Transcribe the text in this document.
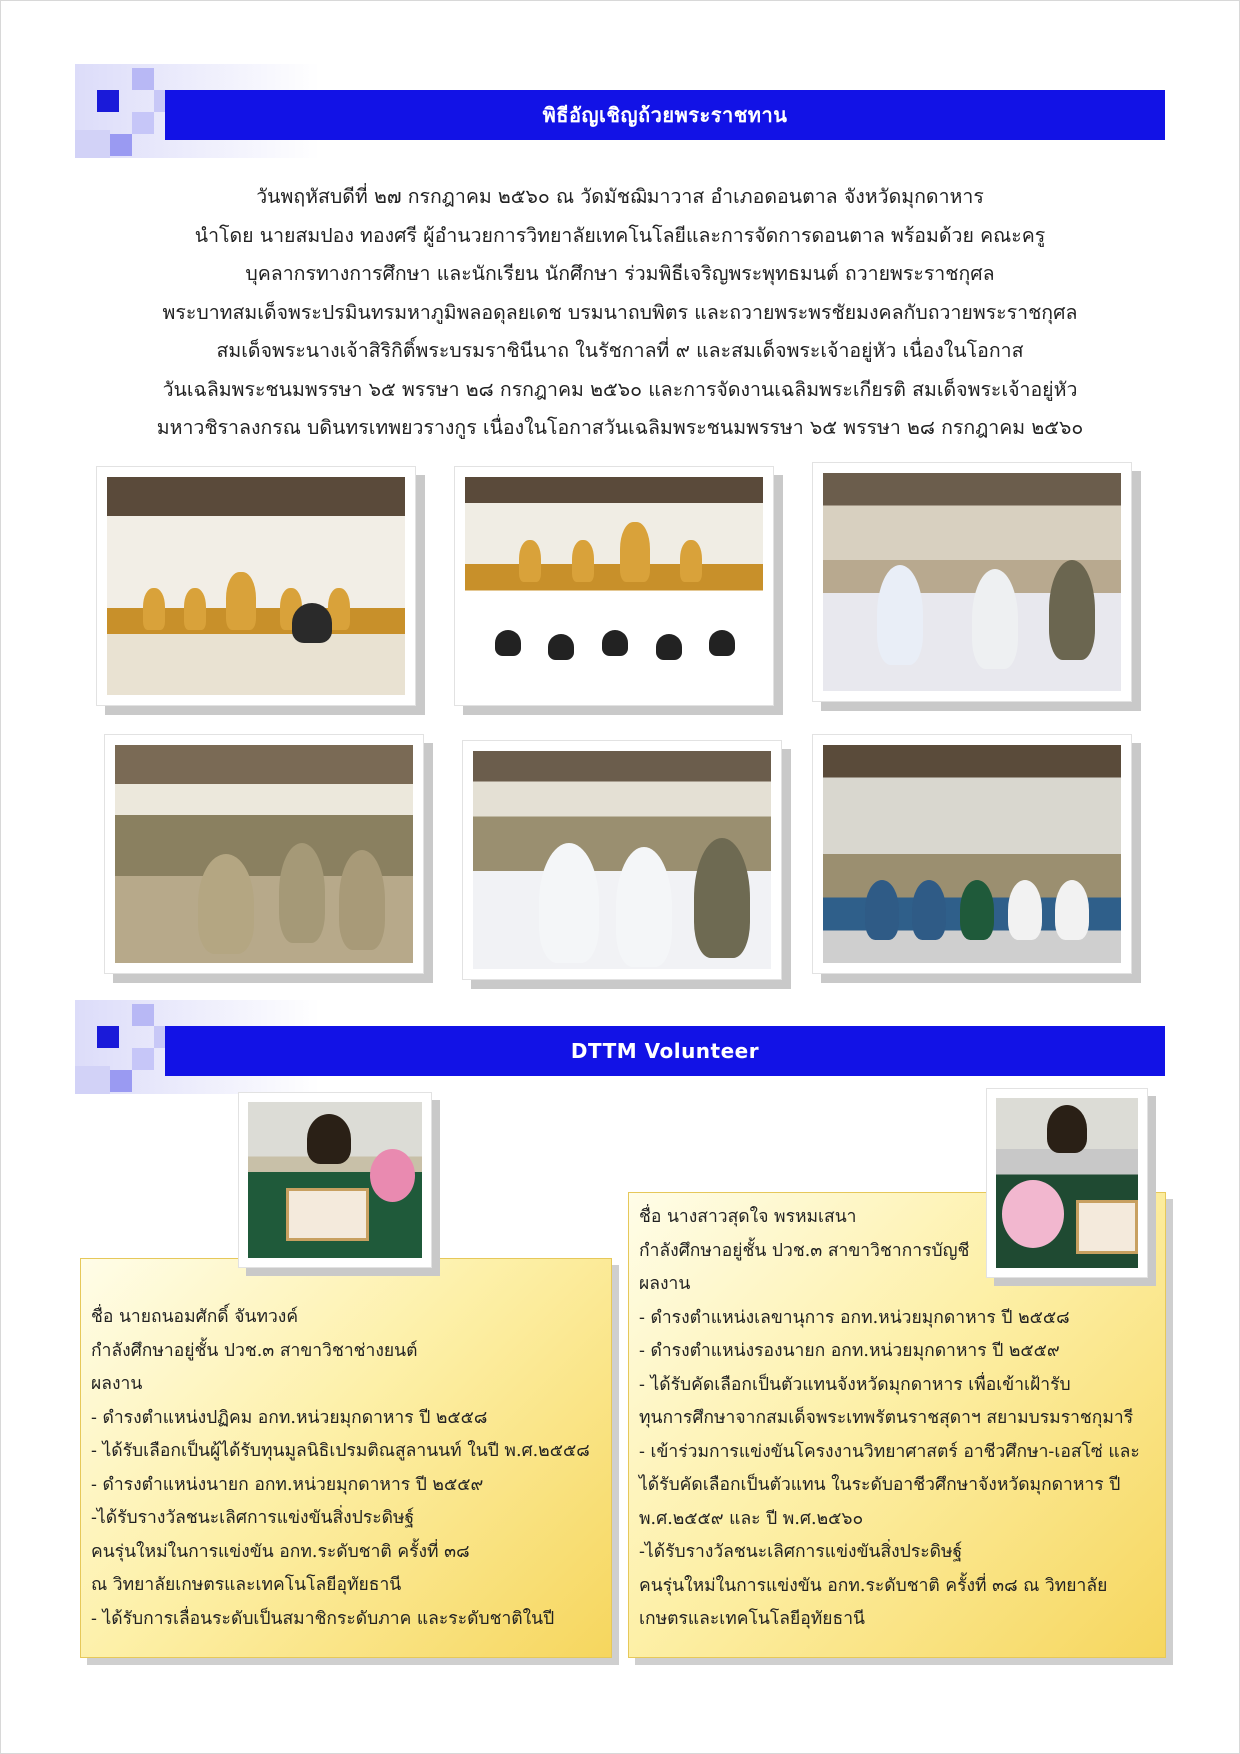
พิธีอัญเชิญถ้วยพระราชทาน
วันพฤหัสบดีที่ ๒๗ กรกฎาคม ๒๕๖๐ ณ วัดมัชฌิมาวาส อำเภอดอนตาล จังหวัดมุกดาหาร
นำโดย นายสมปอง ทองศรี ผู้อำนวยการวิทยาลัยเทคโนโลยีและการจัดการดอนตาล พร้อมด้วย คณะครู
บุคลากรทางการศึกษา และนักเรียน นักศึกษา ร่วมพิธีเจริญพระพุทธมนต์ ถวายพระราชกุศล
พระบาทสมเด็จพระปรมินทรมหาภูมิพลอดุลยเดช บรมนาถบพิตร และถวายพระพรชัยมงคลกับถวายพระราชกุศล
สมเด็จพระนางเจ้าสิริกิติ์พระบรมราชินีนาถ ในรัชกาลที่ ๙ และสมเด็จพระเจ้าอยู่หัว เนื่องในโอกาส
วันเฉลิมพระชนมพรรษา ๖๕ พรรษา ๒๘ กรกฎาคม ๒๕๖๐ และการจัดงานเฉลิมพระเกียรติ สมเด็จพระเจ้าอยู่หัว
มหาวชิราลงกรณ บดินทรเทพยวรางกูร เนื่องในโอกาสวันเฉลิมพระชนมพรรษา ๖๕ พรรษา ๒๘ กรกฎาคม ๒๕๖๐
DTTM Volunteer
ชื่อ นายถนอมศักดิ์ จันทวงค์
กำลังศึกษาอยู่ชั้น ปวช.๓ สาขาวิชาช่างยนต์
ผลงาน
- ดำรงตำแหน่งปฏิคม อกท.หน่วยมุกดาหาร ปี ๒๕๕๘
- ได้รับเลือกเป็นผู้ได้รับทุนมูลนิธิเปรมติณสูลานนท์ ในปี พ.ศ.๒๕๕๘
- ดำรงตำแหน่งนายก อกท.หน่วยมุกดาหาร ปี ๒๕๕๙
-ได้รับรางวัลชนะเลิศการแข่งขันสิ่งประดิษฐ์
คนรุ่นใหม่ในการแข่งขัน อกท.ระดับชาติ ครั้งที่ ๓๘
ณ วิทยาลัยเกษตรและเทคโนโลยีอุทัยธานี
- ได้รับการเลื่อนระดับเป็นสมาชิกระดับภาค และระดับชาติในปี
ชื่อ นางสาวสุดใจ พรหมเสนา
กำลังศึกษาอยู่ชั้น ปวช.๓ สาขาวิชาการบัญชี
ผลงาน
- ดำรงตำแหน่งเลขานุการ อกท.หน่วยมุกดาหาร ปี ๒๕๕๘
- ดำรงตำแหน่งรองนายก อกท.หน่วยมุกดาหาร ปี ๒๕๕๙
- ได้รับคัดเลือกเป็นตัวแทนจังหวัดมุกดาหาร เพื่อเข้าเฝ้ารับ
ทุนการศึกษาจากสมเด็จพระเทพรัตนราชสุดาฯ สยามบรมราชกุมารี
- เข้าร่วมการแข่งขันโครงงานวิทยาศาสตร์ อาชีวศึกษา-เอสโซ่ และ
ได้รับคัดเลือกเป็นตัวแทน ในระดับอาชีวศึกษาจังหวัดมุกดาหาร ปี
พ.ศ.๒๕๕๙ และ ปี พ.ศ.๒๕๖๐
-ได้รับรางวัลชนะเลิศการแข่งขันสิ่งประดิษฐ์
คนรุ่นใหม่ในการแข่งขัน อกท.ระดับชาติ ครั้งที่ ๓๘ ณ วิทยาลัย
เกษตรและเทคโนโลยีอุทัยธานี
